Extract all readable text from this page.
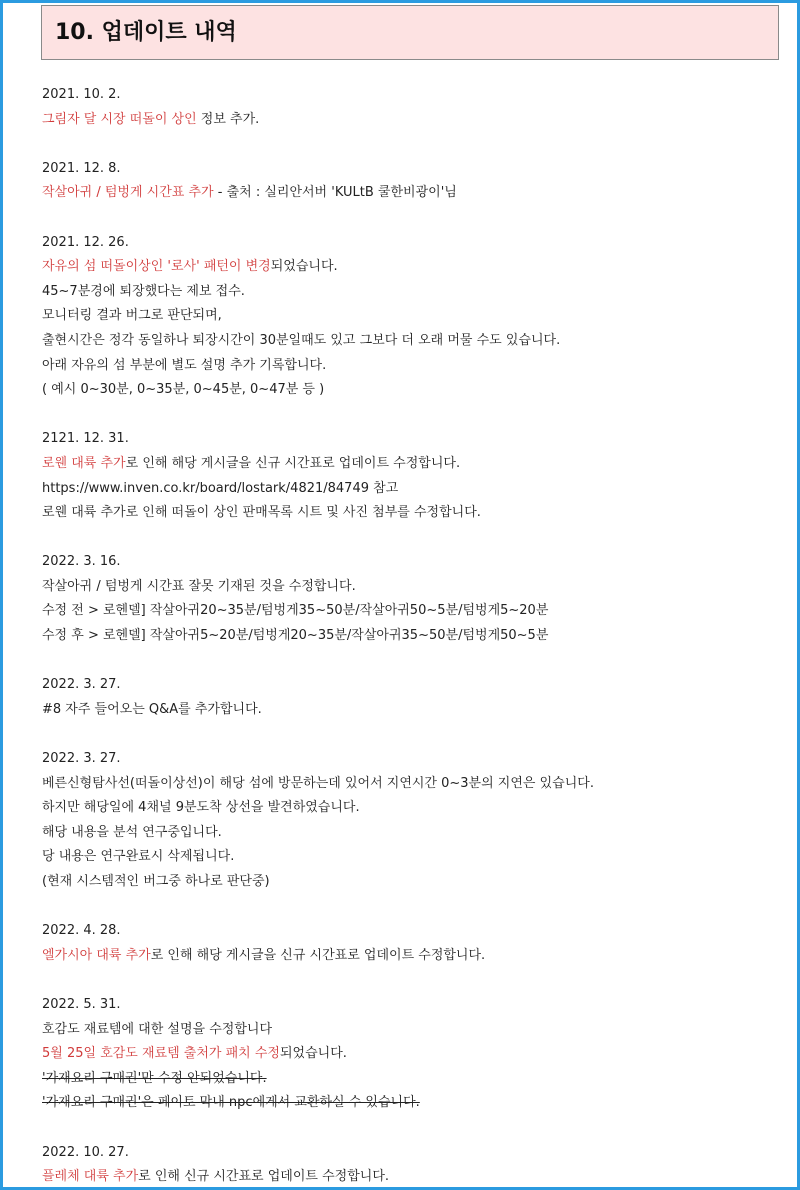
10. 업데이트 내역
2021. 10. 2.
그림자 달 시장 떠돌이 상인 정보 추가.
2021. 12. 8.
작살아귀 / 텀벙게 시간표 추가 - 출처 : 실리안서버 'KULtB 쿨한비광이'님
2021. 12. 26.
자유의 섬 떠돌이상인 '로사' 패턴이 변경되었습니다.
45~7분경에 퇴장했다는 제보 접수.
모니터링 결과 버그로 판단되며,
출현시간은 정각 동일하나 퇴장시간이 30분일때도 있고 그보다 더 오래 머물 수도 있습니다.
아래 자유의 섬 부분에 별도 설명 추가 기록합니다.
( 예시 0~30분, 0~35분, 0~45분, 0~47분 등 )
2121. 12. 31.
로웬 대륙 추가로 인해 해당 게시글을 신규 시간표로 업데이트 수정합니다.
https://www.inven.co.kr/board/lostark/4821/84749 참고
로웬 대륙 추가로 인해 떠돌이 상인 판매목록 시트 및 사진 첨부를 수정합니다.
2022. 3. 16.
작살아귀 / 텀벙게 시간표 잘못 기재된 것을 수정합니다.
수정 전 > 로헨델] 작살아귀20~35분/텀벙게35~50분/작살아귀50~5분/텀벙게5~20분
수정 후 > 로헨델] 작살아귀5~20분/텀벙게20~35분/작살아귀35~50분/텀벙게50~5분
2022. 3. 27.
#8 자주 들어오는 Q&A를 추가합니다.
2022. 3. 27.
베른신형탐사선(떠돌이상선)이 해당 섬에 방문하는데 있어서 지연시간 0~3분의 지연은 있습니다.
하지만 해당일에 4채널 9분도착 상선을 발견하였습니다.
해당 내용을 분석 연구중입니다.
당 내용은 연구완료시 삭제됩니다.
(현재 시스템적인 버그중 하나로 판단중)
2022. 4. 28.
엘가시아 대륙 추가로 인해 해당 게시글을 신규 시간표로 업데이트 수정합니다.
2022. 5. 31.
호감도 재료템에 대한 설명을 수정합니다
5월 25일 호감도 재료템 출처가 패치 수정되었습니다.
'가재요리 구매권'만 수정 안되었습니다.
'가재요리 구매권'은 페이토 막내 npc에게서 교환하실 수 있습니다.
2022. 10. 27.
플레체 대륙 추가로 인해 신규 시간표로 업데이트 수정합니다.
